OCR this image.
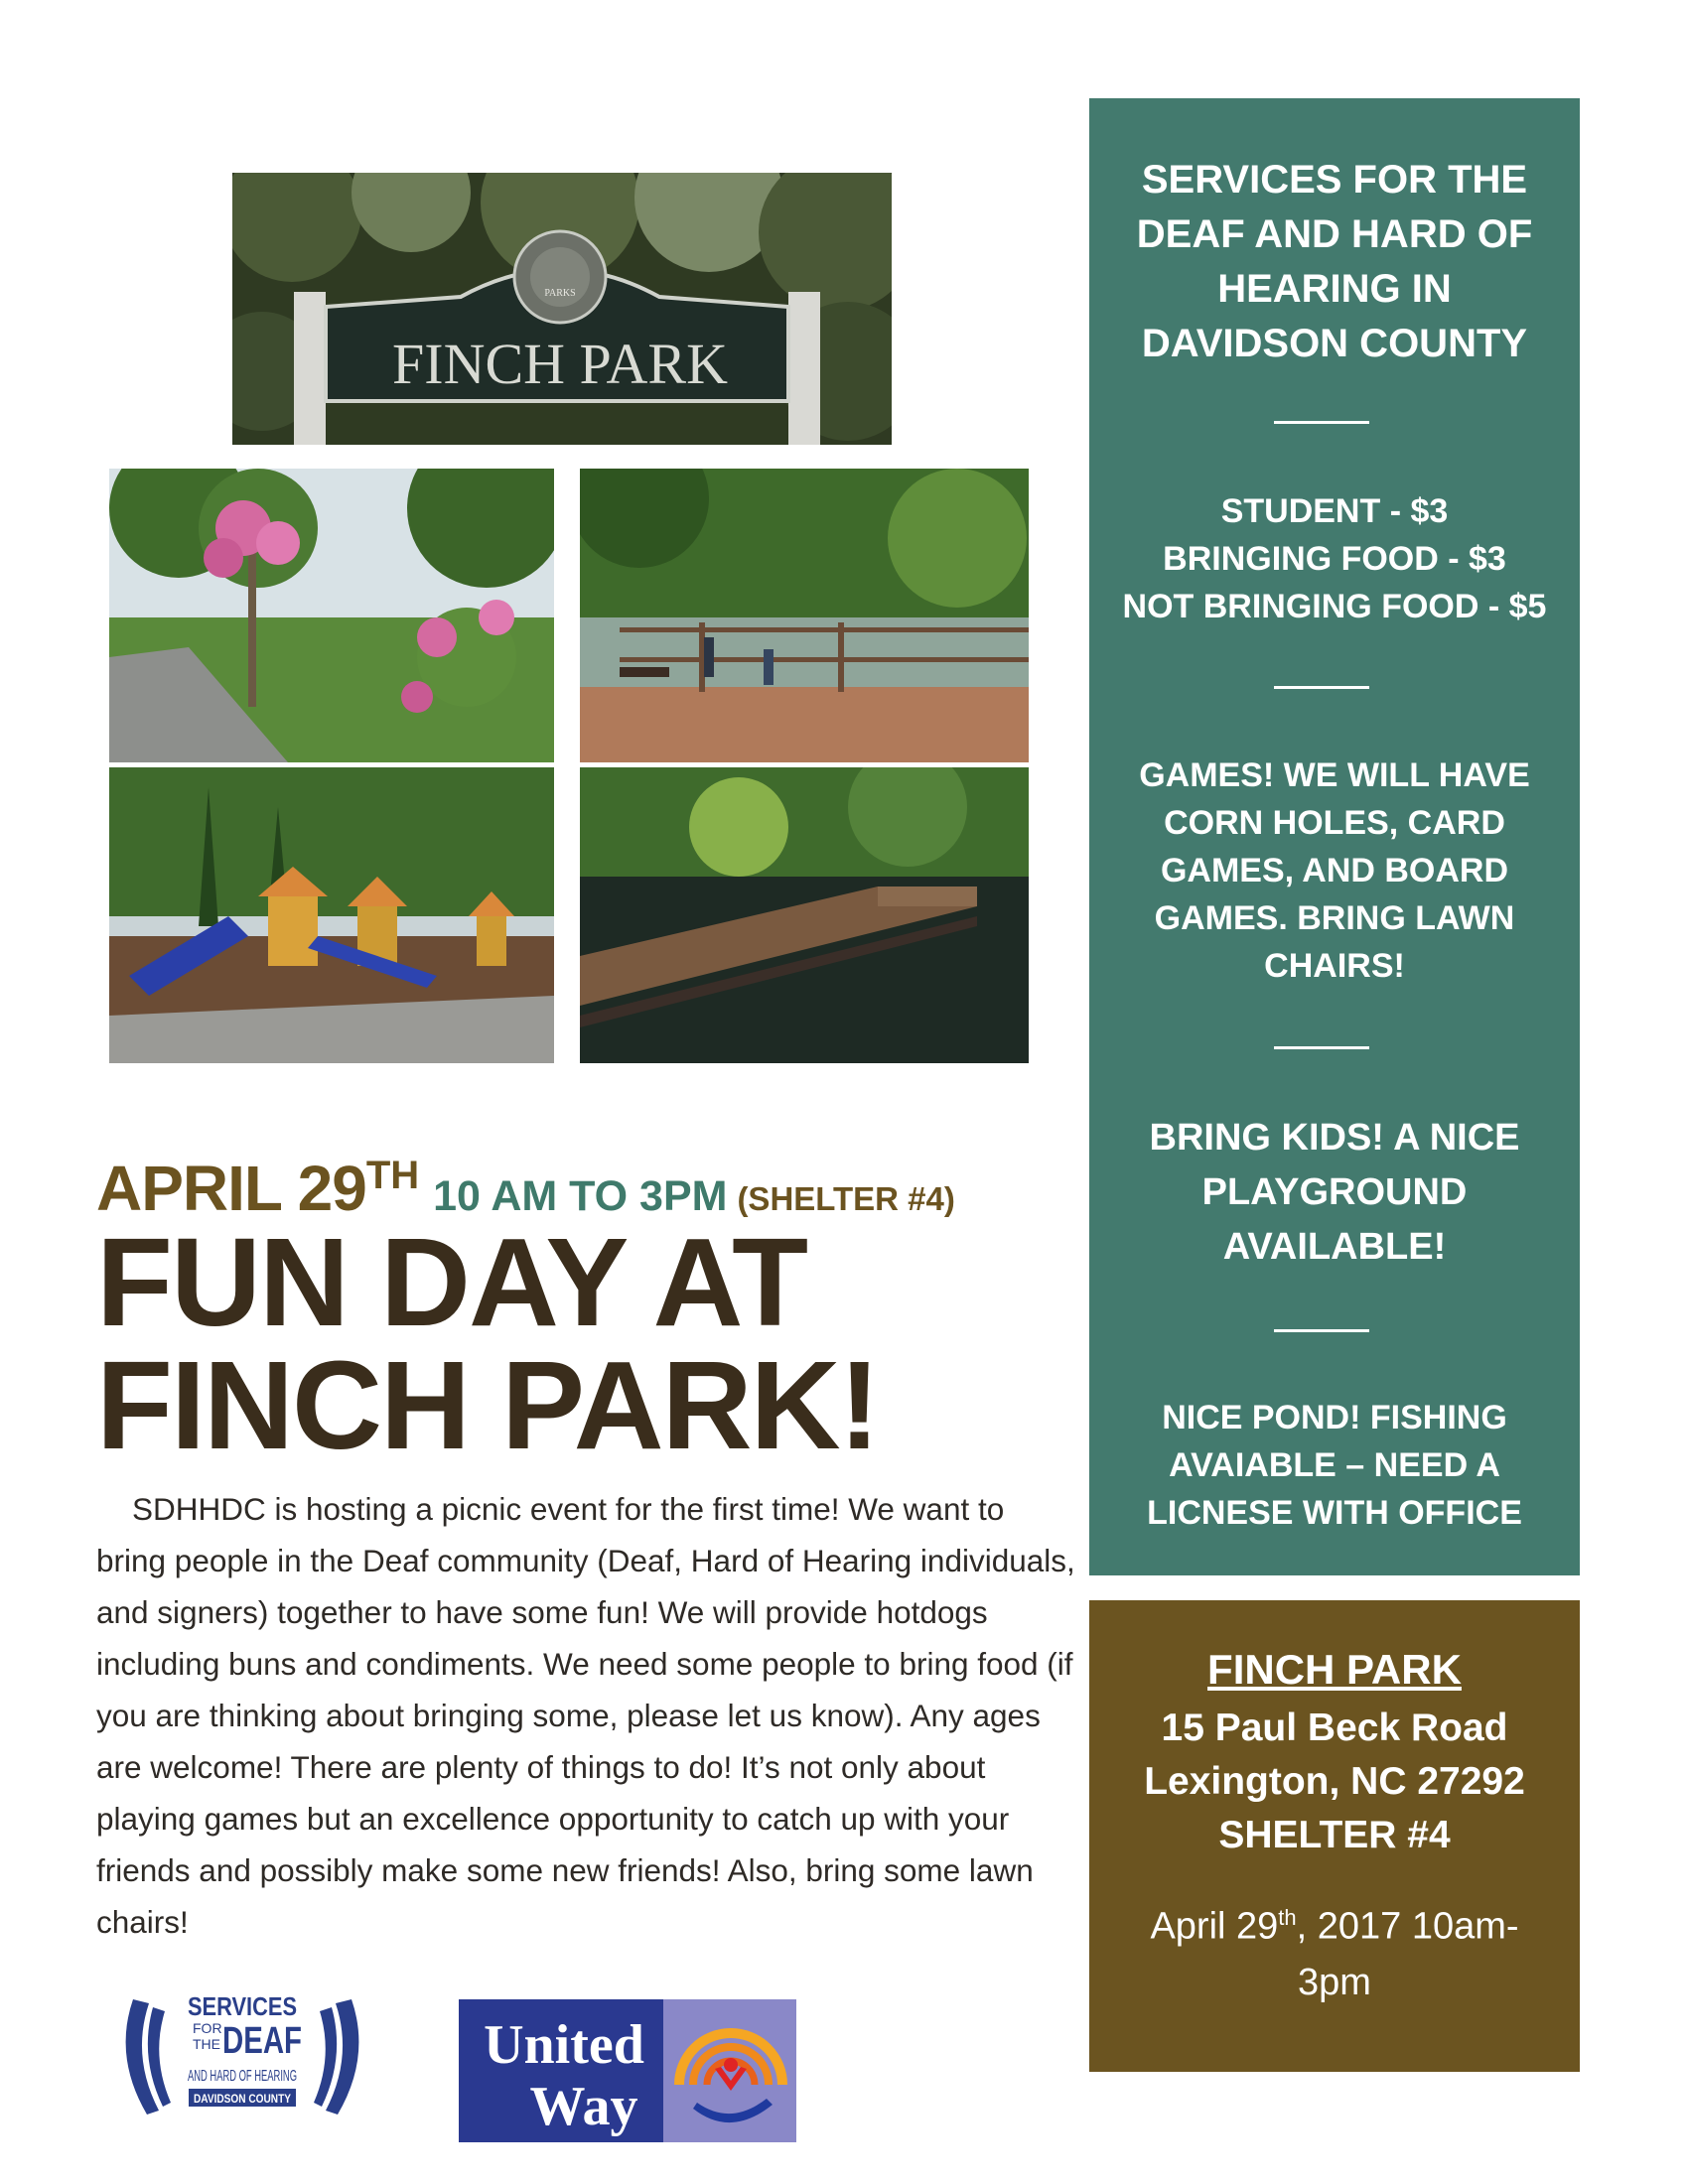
PARKS
FINCH PARK
APRIL 29TH 10 AM TO 3PM (SHELTER #4)
FUN DAY AT
FINCH PARK!
SDHHDC is hosting a picnic event for the first time! We want to bring people in the Deaf community (Deaf, Hard of Hearing individuals, and signers) together to have some fun! We will provide hotdogs including buns and condiments. We need some people to bring food (if you are thinking about bringing some, please let us know). Any ages are welcome! There are plenty of things to do! It’s not only about playing games but an excellence opportunity to catch up with your friends and possibly make some new friends! Also, bring some lawn chairs!
SERVICES FOR THE DEAF AND HARD OF HEARING IN DAVIDSON COUNTY
STUDENT - $3
BRINGING FOOD - $3
NOT BRINGING FOOD - $5
GAMES! WE WILL HAVE CORN HOLES, CARD GAMES, AND BOARD GAMES. BRING LAWN CHAIRS!
BRING KIDS! A NICE PLAYGROUND AVAILABLE!
NICE POND! FISHING AVAIABLE – NEED A LICNESE WITH OFFICE
FINCH PARK
15 Paul Beck Road
Lexington, NC 27292
SHELTER #4
April 29th, 2017 10am-
3pm
SERVICES
FOR
THE DEAF
AND HARD OF HEARING
DAVIDSON COUNTY
United
Way
